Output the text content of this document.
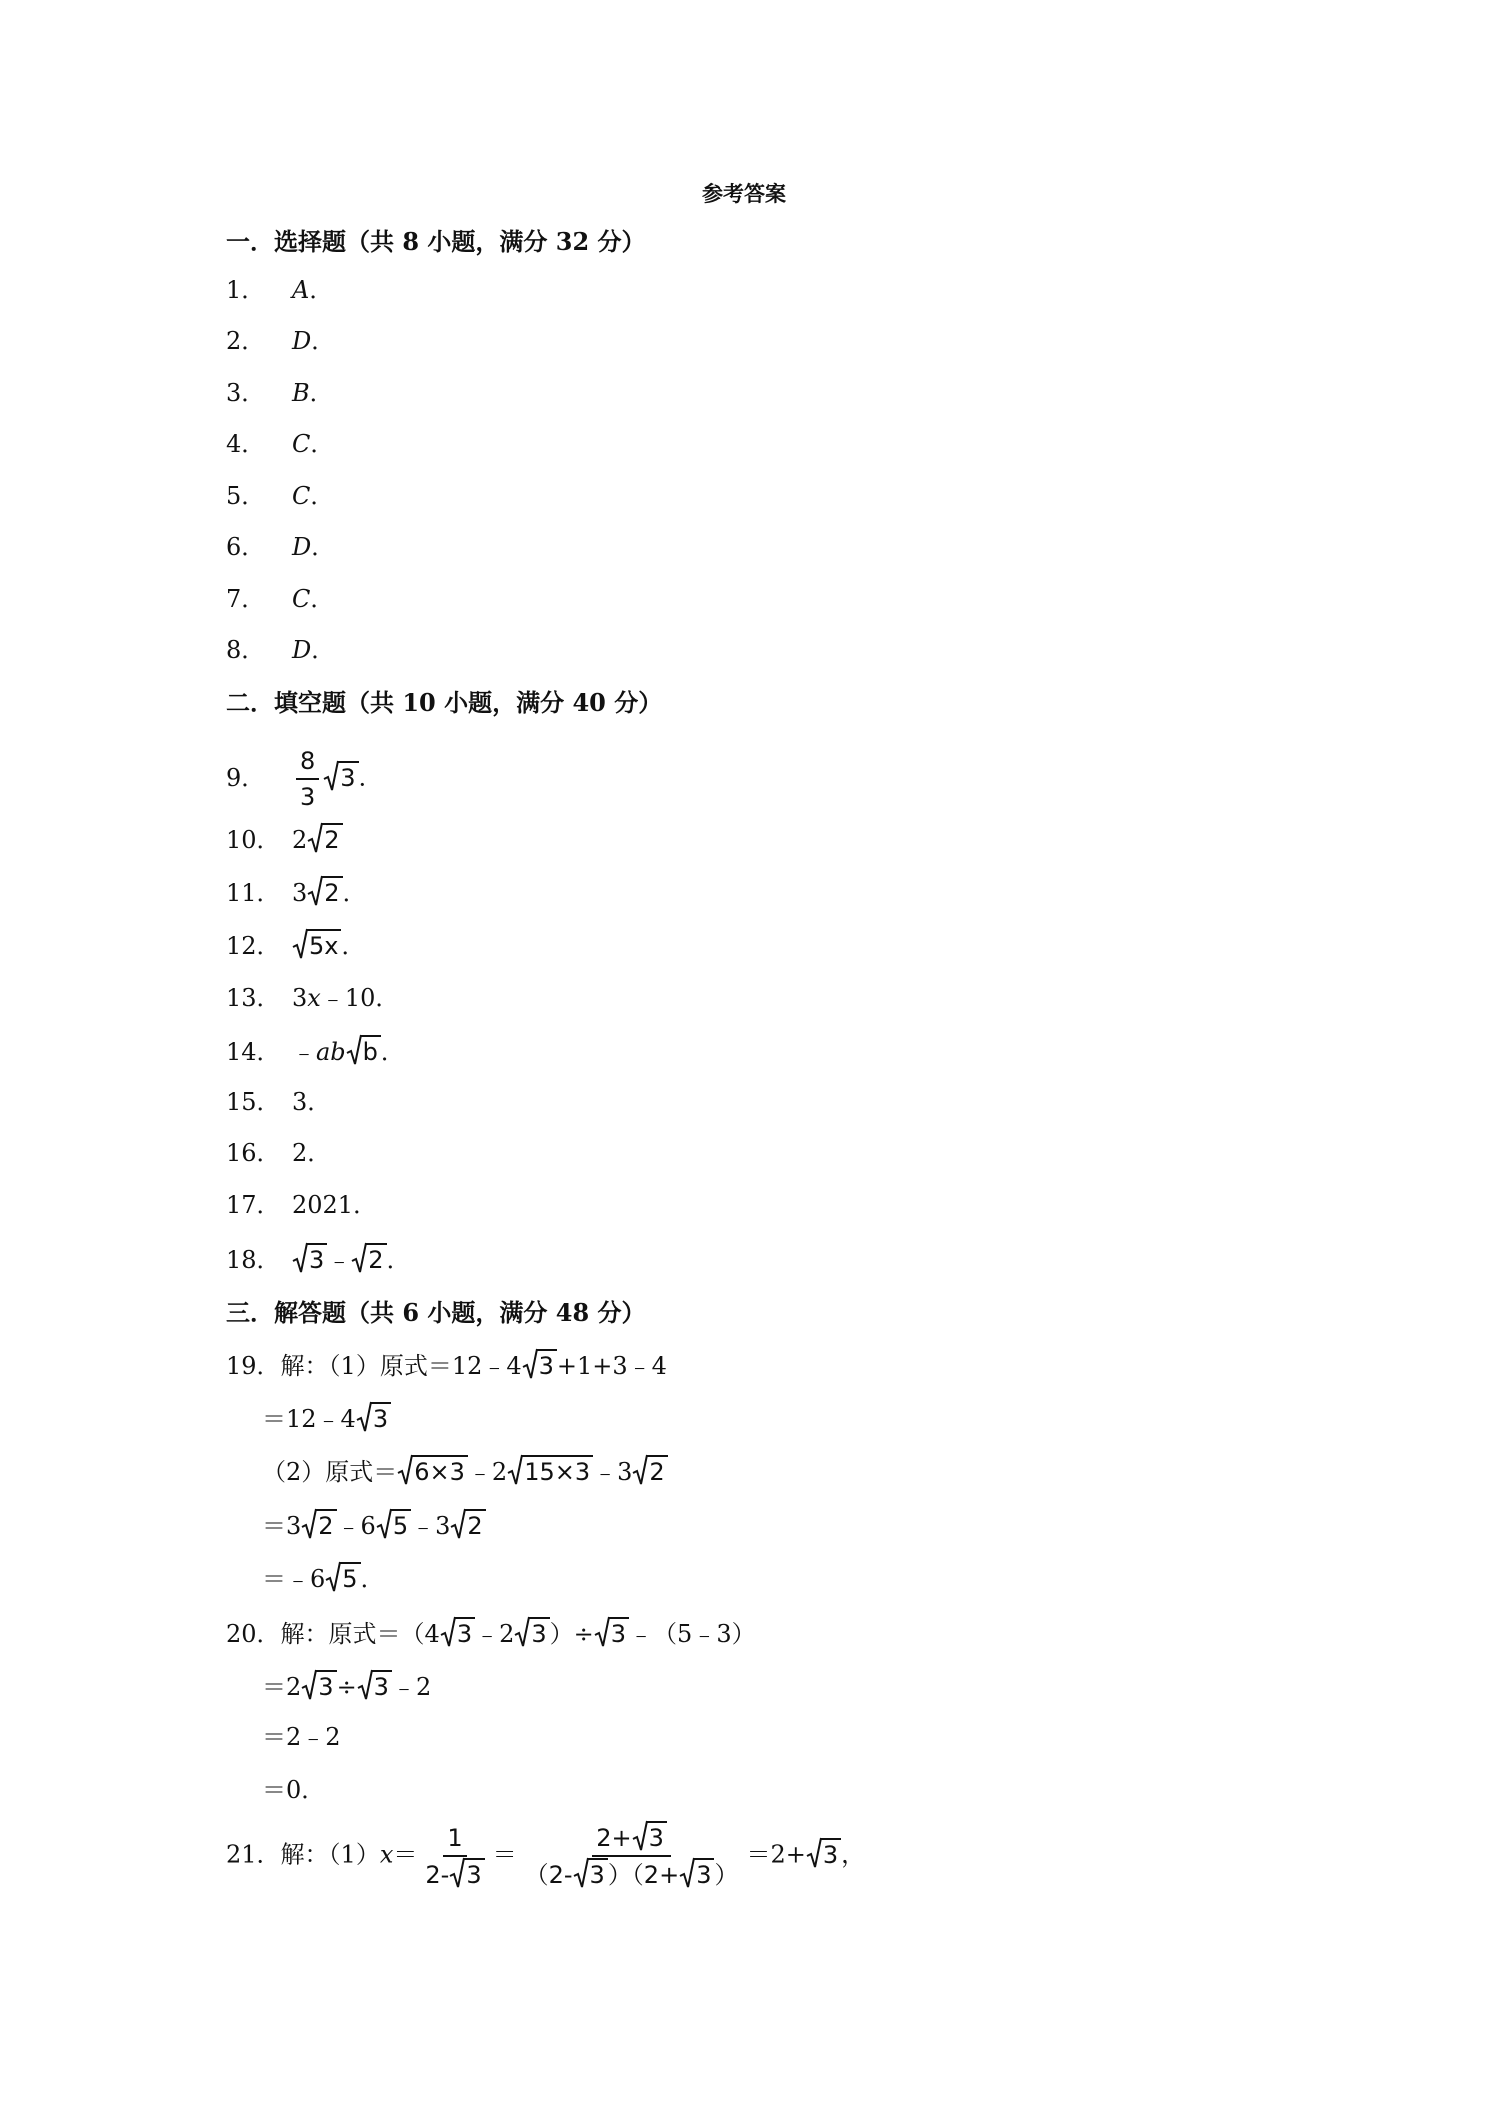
参考答案
一．选择题（共 8 小题，满分 32 分）
1． A．
2． D．
3． B．
4． C．
5． C．
6． D．
7． C．
8． D．
二．填空题（共 10 小题，满分 40 分）
9． $\frac{8}{3} 3$ ．
10． 2 2
11． 3 2 ．
12． 5x ．
13． 3x﹣10．
14． ﹣ab b ．
15． 3．
16． 2．
17． 2021．
18． 3 ﹣ 2 ．
三．解答题（共 6 小题，满分 48 分）
19．解：（1）原式＝12﹣4 3 +1+3﹣4
＝12﹣4 3
（2）原式＝ 6×3 ﹣2 15×3 ﹣3 2
＝3 2 ﹣6 5 ﹣3 2
＝﹣6 5 ．
20．解：原式＝（4 3 ﹣2 3 ）÷ 3 ﹣（5﹣3）
＝2 3 ÷ 3 ﹣2
＝2﹣2
＝0．
21．解：$(1)x= \frac{1}{2- 3} = \frac{2+ 3}{(2- 3 )(2+ 3 )} =2+ 3$ ，
